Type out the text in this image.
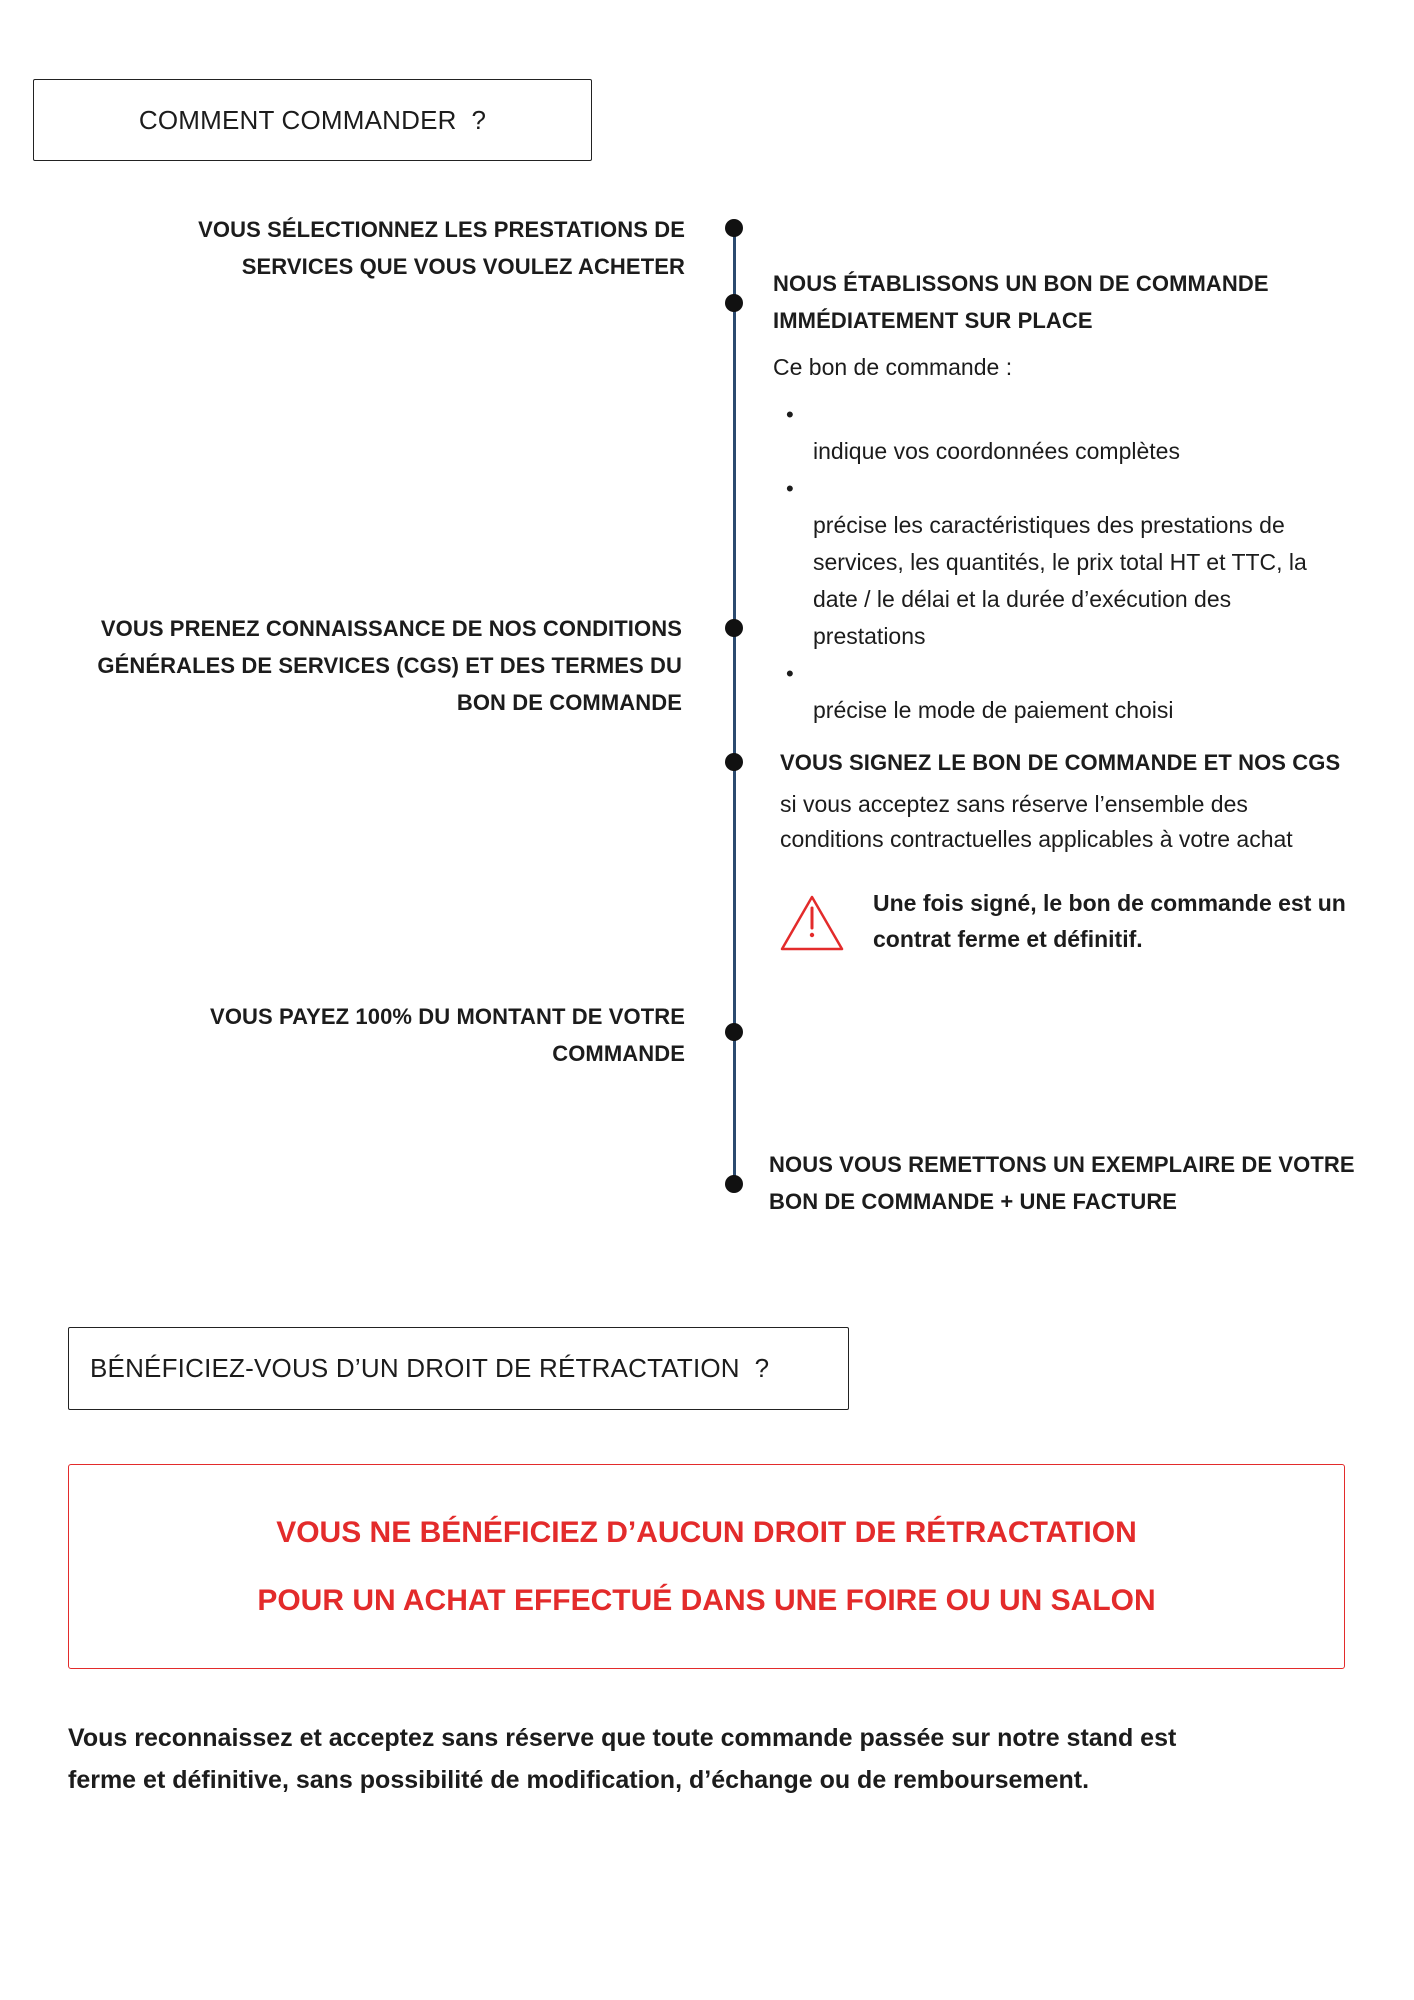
COMMENT COMMANDER  ?
VOUS SÉLECTIONNEZ LES PRESTATIONS DE
SERVICES QUE VOUS VOULEZ ACHETER
VOUS PRENEZ CONNAISSANCE DE NOS CONDITIONS
GÉNÉRALES DE SERVICES (CGS) ET DES TERMES DU
BON DE COMMANDE
VOUS PAYEZ 100% DU MONTANT DE VOTRE
COMMANDE
NOUS ÉTABLISSONS UN BON DE COMMANDE
IMMÉDIATEMENT SUR PLACE
Ce bon de commande :

•
indique vos coordonnées complètes

•
précise les caractéristiques des prestations de
services, les quantités, le prix total HT et TTC, la
date / le délai et la durée d’exécution des
prestations

•
précise le mode de paiement choisi

VOUS SIGNEZ LE BON DE COMMANDE ET NOS CGS
si vous acceptez sans réserve l’ensemble des
conditions contractuelles applicables à votre achat
Une fois signé, le bon de commande est un
contrat ferme et définitif.
NOUS VOUS REMETTONS UN EXEMPLAIRE DE VOTRE
BON DE COMMANDE + UNE FACTURE
BÉNÉFICIEZ-VOUS D’UN DROIT DE RÉTRACTATION  ?
VOUS NE BÉNÉFICIEZ D’AUCUN DROIT DE RÉTRACTATION
POUR UN ACHAT EFFECTUÉ DANS UNE FOIRE OU UN SALON
Vous reconnaissez et acceptez sans réserve que toute commande passée sur notre stand est
ferme et définitive, sans possibilité de modification, d’échange ou de remboursement.
